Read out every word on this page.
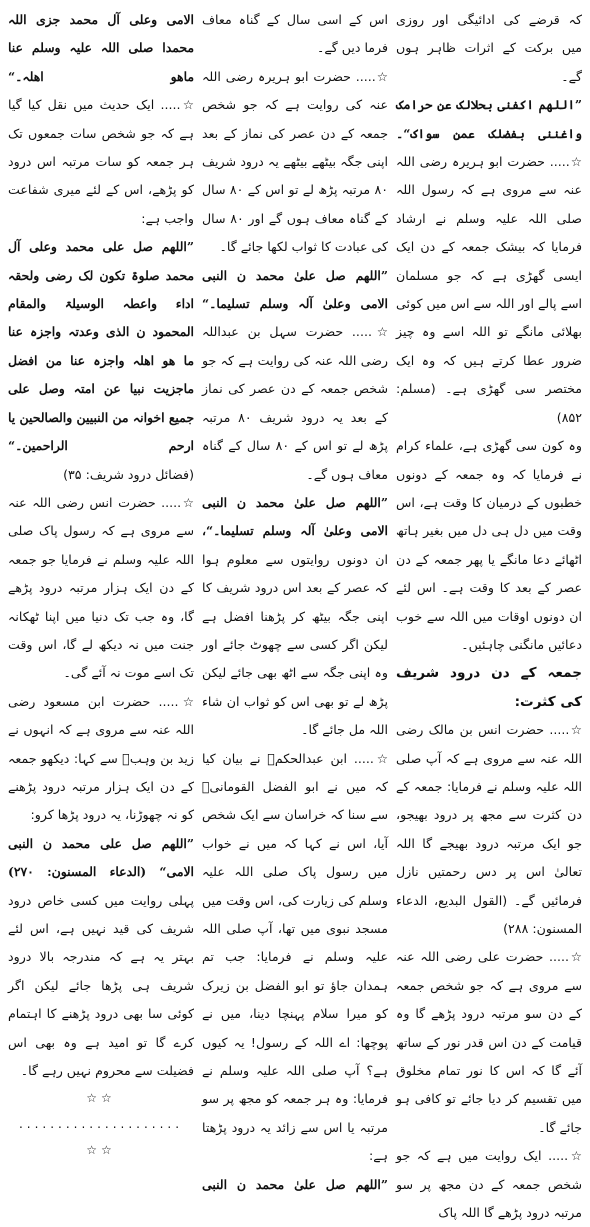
کہ قرضے کی ادائیگی اور روزی میں برکت کے اثرات ظاہر ہوں گے۔

”اللھم اکفنی بحلالک عن حرامک واغننی بفضلک عمن سواک“۔

☆..... حضرت ابو ہریرہ رضی اللہ عنہ سے مروی ہے کہ رسول اللہ صلی اللہ علیہ وسلم نے ارشاد فرمایا کہ بیشک جمعہ کے دن ایک ایسی گھڑی ہے کہ جو مسلمان اسے پالے اور اللہ سے اس میں کوئی بھلائی مانگے تو اللہ اسے وہ چیز ضرور عطا کرتے ہیں کہ وہ ایک مختصر سی گھڑی ہے۔ (مسلم: ۸۵۲)

وہ کون سی گھڑی ہے، علماء کرام نے فرمایا کہ وہ جمعہ کے دونوں خطبوں کے درمیان کا وقت ہے، اس وقت میں دل ہی دل میں بغیر ہاتھ اٹھائے دعا مانگے یا پھر جمعہ کے دن عصر کے بعد کا وقت ہے۔ اس لئے ان دونوں اوقات میں اللہ سے خوب دعائیں مانگنی چاہئیں۔

جمعہ کے دن درود شریف کی کثرت:

☆..... حضرت انس بن مالک رضی اللہ عنہ سے مروی ہے کہ آپ صلی اللہ علیہ وسلم نے فرمایا: جمعہ کے دن کثرت سے مجھ پر درود بھیجو، جو ایک مرتبہ درود بھیجے گا اللہ تعالیٰ اس پر دس رحمتیں نازل فرمائیں گے۔ (القول البدیع، الدعاء المسنون: ۲۸۸)

☆..... حضرت علی رضی اللہ عنہ سے مروی ہے کہ جو شخص جمعہ کے دن سو مرتبہ درود پڑھے گا وہ قیامت کے دن اس قدر نور کے ساتھ آئے گا کہ اس کا نور تمام مخلوق میں تقسیم کر دیا جائے تو کافی ہو جائے گا۔

☆..... ایک روایت میں ہے کہ جو شخص جمعہ کے دن مجھ پر سو مرتبہ درود پڑھے گا اللہ پاک

اس کے اسی سال کے گناہ معاف فرما دیں گے۔

☆..... حضرت ابو ہریرہ رضی اللہ عنہ کی روایت ہے کہ جو شخص جمعہ کے دن عصر کی نماز کے بعد اپنی جگہ بیٹھے بیٹھے یہ درود شریف ۸۰ مرتبہ پڑھ لے تو اس کے ۸۰ سال کے گناہ معاف ہوں گے اور ۸۰ سال کی عبادت کا ثواب لکھا جائے گا۔

”اللھم صل علیٰ محمد ن النبی الامی وعلیٰ آلہ وسلم تسلیما۔“

☆..... حضرت سہل بن عبداللہ رضی اللہ عنہ کی روایت ہے کہ جو شخص جمعہ کے دن عصر کی نماز کے بعد یہ درود شریف ۸۰ مرتبہ پڑھ لے تو اس کے ۸۰ سال کے گناہ معاف ہوں گے۔

”اللھم صل علیٰ محمد ن النبی الامی وعلیٰ آلہ وسلم تسلیما۔“،

ان دونوں روایتوں سے معلوم ہوا کہ عصر کے بعد اس درود شریف کا اپنی جگہ بیٹھ کر پڑھنا افضل ہے لیکن اگر کسی سے چھوٹ جائے اور وہ اپنی جگہ سے اٹھ بھی جائے لیکن پڑھ لے تو بھی اس کو ثواب ان شاء اللہ مل جائے گا۔

☆..... ابن عبدالحکمؒ نے بیان کیا کہ میں نے ابو الفضل القومانیؒ سے سنا کہ خراسان سے ایک شخص آیا، اس نے کہا کہ میں نے خواب میں رسول پاک صلی اللہ علیہ وسلم کی زیارت کی، اس وقت میں مسجد نبوی میں تھا، آپ صلی اللہ علیہ وسلم نے فرمایا: جب تم ہمدان جاؤ تو ابو الفضل بن زیرک کو میرا سلام پہنچا دینا، میں نے پوچھا: اے اللہ کے رسول! یہ کیوں ہے؟ آپ صلی اللہ علیہ وسلم نے فرمایا: وہ ہر جمعہ کو مجھ پر سو مرتبہ یا اس سے زائد یہ درود پڑھتا ہے:

”اللھم صل علیٰ محمد ن النبی

الامی وعلی آل محمد جزی اللہ محمدا صلی اللہ علیہ وسلم عنا ماھو اھلہ۔“

☆..... ایک حدیث میں نقل کیا گیا ہے کہ جو شخص سات جمعوں تک ہر جمعہ کو سات مرتبہ اس درود کو پڑھے، اس کے لئے میری شفاعت واجب ہے:

”اللھم صل علی محمد وعلی آل محمد صلوۃ تکون لک رضی ولحقہ اداء واعطہ الوسیلۃ والمقام المحمود ن الذی وعدتہ واجزہ عنا ما ھو اھلہ واجزہ عنا من افضل ماجزیت نبیا عن امتہ وصل علی جمیع اخوانہ من النبیین والصالحین یا ارحم الراحمین۔“

(فضائل درود شریف: ۳۵)

☆..... حضرت انس رضی اللہ عنہ سے مروی ہے کہ رسول پاک صلی اللہ علیہ وسلم نے فرمایا جو جمعہ کے دن ایک ہزار مرتبہ درود پڑھے گا، وہ جب تک دنیا میں اپنا ٹھکانہ جنت میں نہ دیکھ لے گا، اس وقت تک اسے موت نہ آئے گی۔

☆..... حضرت ابن مسعود رضی اللہ عنہ سے مروی ہے کہ انہوں نے زید بن وہبؓ سے کہا: دیکھو جمعہ کے دن ایک ہزار مرتبہ درود پڑھنے کو نہ چھوڑنا، یہ درود پڑھا کرو:

”اللھم صل علی محمد ن النبی الامی“ (الدعاء المسنون: ۲۷۰)

پہلی روایت میں کسی خاص درود شریف کی قید نہیں ہے، اس لئے بہتر یہ ہے کہ مندرجہ بالا درود شریف ہی پڑھا جائے لیکن اگر کوئی سا بھی درود پڑھنے کا اہتمام کرے گا تو امید ہے وہ بھی اس فضیلت سے محروم نہیں رہے گا۔

☆☆ ..................... ☆☆
